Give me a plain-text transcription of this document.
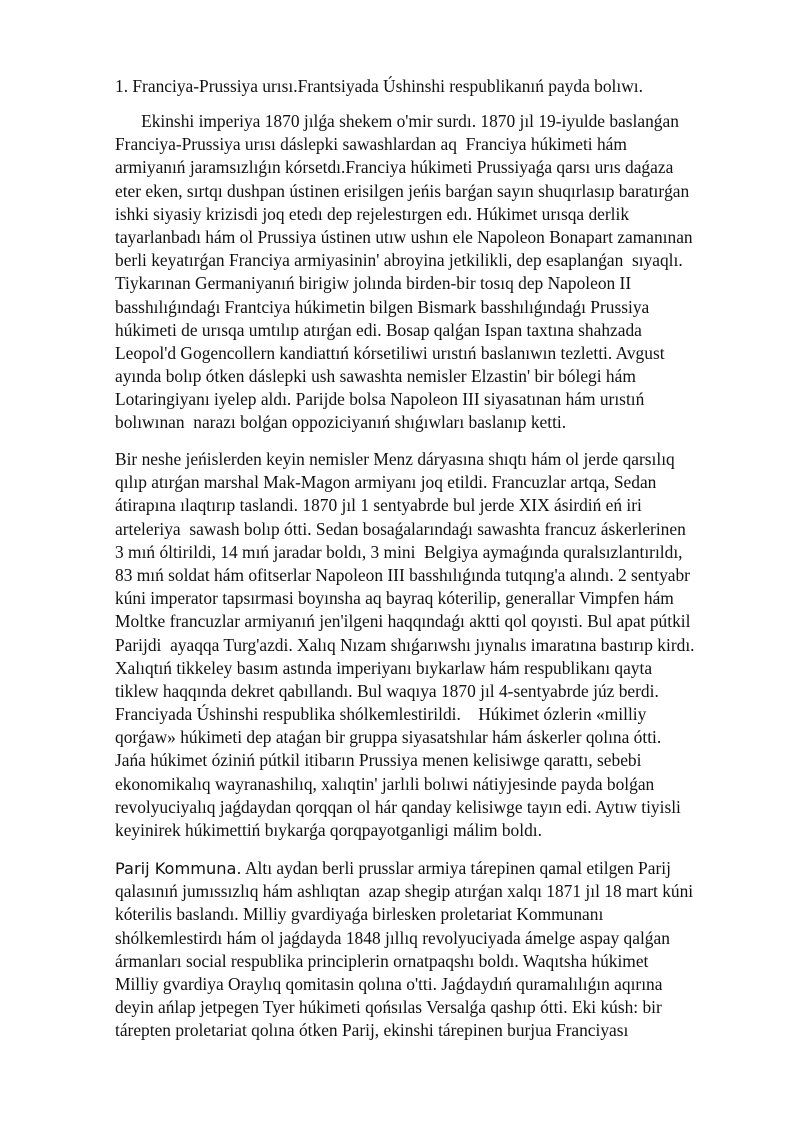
1. Franciya-Prussiya urısı.Frantsiyada Úshinshi respublikanıń payda bolıwı.
Ekinshi imperiya 1870 jılǵa shekem o'mir surdı. 1870 jıl 19-iyulde baslanǵan
Franciya-Prussiya urısı dáslepki sawashlardan aq  Franciya húkimeti hám
armiyanıń jaramsızlıǵın kórsetdı.Franciya húkimeti Prussiyaǵa qarsı urıs daǵaza
eter eken, sırtqı dushpan ústinen erisilgen jeńis barǵan sayın shuqırlasıp baratırǵan
ishki siyasiy krizisdi joq etedı dep rejelestırgen edı. Húkimet urısqa derlik
tayarlanbadı hám ol Prussiya ústinen utıw ushın ele Napoleon Bonapart zamanınan
berli keyatırǵan Franciya armiyasinin' abroyina jetkilikli, dep esaplanǵan  sıyaqlı.
Tiykarınan Germaniyanıń birigiw jolında birden-bir tosıq dep Napoleon II
basshılıǵındaǵı Frantciya húkimetin bilgen Bismark basshılıǵındaǵı Prussiya
húkimeti de urısqa umtılıp atırǵan edi. Bosap qalǵan Ispan taxtına shahzada
Leopol'd Gogencollern kandiattıń kórsetiliwi urıstıń baslanıwın tezletti. Avgust
ayında bolıp ótken dáslepki ush sawashta nemisler Elzastin' bir bólegi hám
Lotaringiyanı iyelep aldı. Parijde bolsa Napoleon III siyasatınan hám urıstıń
bolıwınan  narazı bolǵan oppoziciyanıń shıǵıwları baslanıp ketti.
Bir neshe jeńislerden keyin nemisler Menz dáryasına shıqtı hám ol jerde qarsılıq
qılıp atırǵan marshal Mak-Magon armiyanı joq etildi. Francuzlar artqa, Sedan
átirapına ılaqtırıp taslandi. 1870 jıl 1 sentyabrde bul jerde XIX ásirdiń eń iri
arteleriya  sawash bolıp ótti. Sedan bosaǵalarındaǵı sawashta francuz áskerlerinen
3 mıń óltirildi, 14 mıń jaradar boldı, 3 mini  Belgiya aymaǵında quralsızlantırıldı,
83 mıń soldat hám ofitserlar Napoleon III basshılıǵında tutqıng'a alındı. 2 sentyabr
kúni imperator tapsırmasi boyınsha aq bayraq kóterilip, generallar Vimpfen hám
Moltke francuzlar armiyanıń jen'ilgeni haqqındaǵı aktti qol qoyısti. Bul apat pútkil
Parijdi  ayaqqa Turg'azdi. Xalıq Nızam shıǵarıwshı jıynalıs imaratına bastırıp kirdı.
Xalıqtıń tikkeley basım astında imperiyanı bıykarlaw hám respublikanı qayta
tiklew haqqında dekret qabıllandı. Bul waqıya 1870 jıl 4-sentyabrde júz berdi.
Franciyada Úshinshi respublika shólkemlestirildi.    Húkimet ózlerin «milliy
qorǵaw» húkimeti dep ataǵan bir gruppa siyasatshılar hám áskerler qolına ótti.
Jańa húkimet óziniń pútkil itibarın Prussiya menen kelisiwge qarattı, sebebi
ekonomikalıq wayranashilıq, xalıqtin' jarlıli bolıwi nátiyjesinde payda bolǵan
revolyuciyalıq jaǵdaydan qorqqan ol hár qanday kelisiwge tayın edi. Aytıw tiyisli
keyinirek húkimettiń bıykarǵa qorqpayotganligi málim boldı.
Parij Kommuna. Altı aydan berli prusslar armiya tárepinen qamal etilgen Parij
qalasınıń jumıssızlıq hám ashlıqtan  azap shegip atırǵan xalqı 1871 jıl 18 mart kúni
kóterilis baslandı. Milliy gvardiyaǵa birlesken proletariat Kommunanı
shólkemlestirdı hám ol jaǵdayda 1848 jıllıq revolyuciyada ámelge aspay qalǵan
ármanları social respublika principlerin ornatpaqshı boldı. Waqıtsha húkimet
Milliy gvardiya Oraylıq qomitasin qolına o'tti. Jaǵdaydıń quramalılıǵın aqırına
deyin ańlap jetpegen Tyer húkimeti qońsılas Versalǵa qashıp ótti. Eki kúsh: bir
tárepten proletariat qolına ótken Parij, ekinshi tárepinen burjua Franciyası
